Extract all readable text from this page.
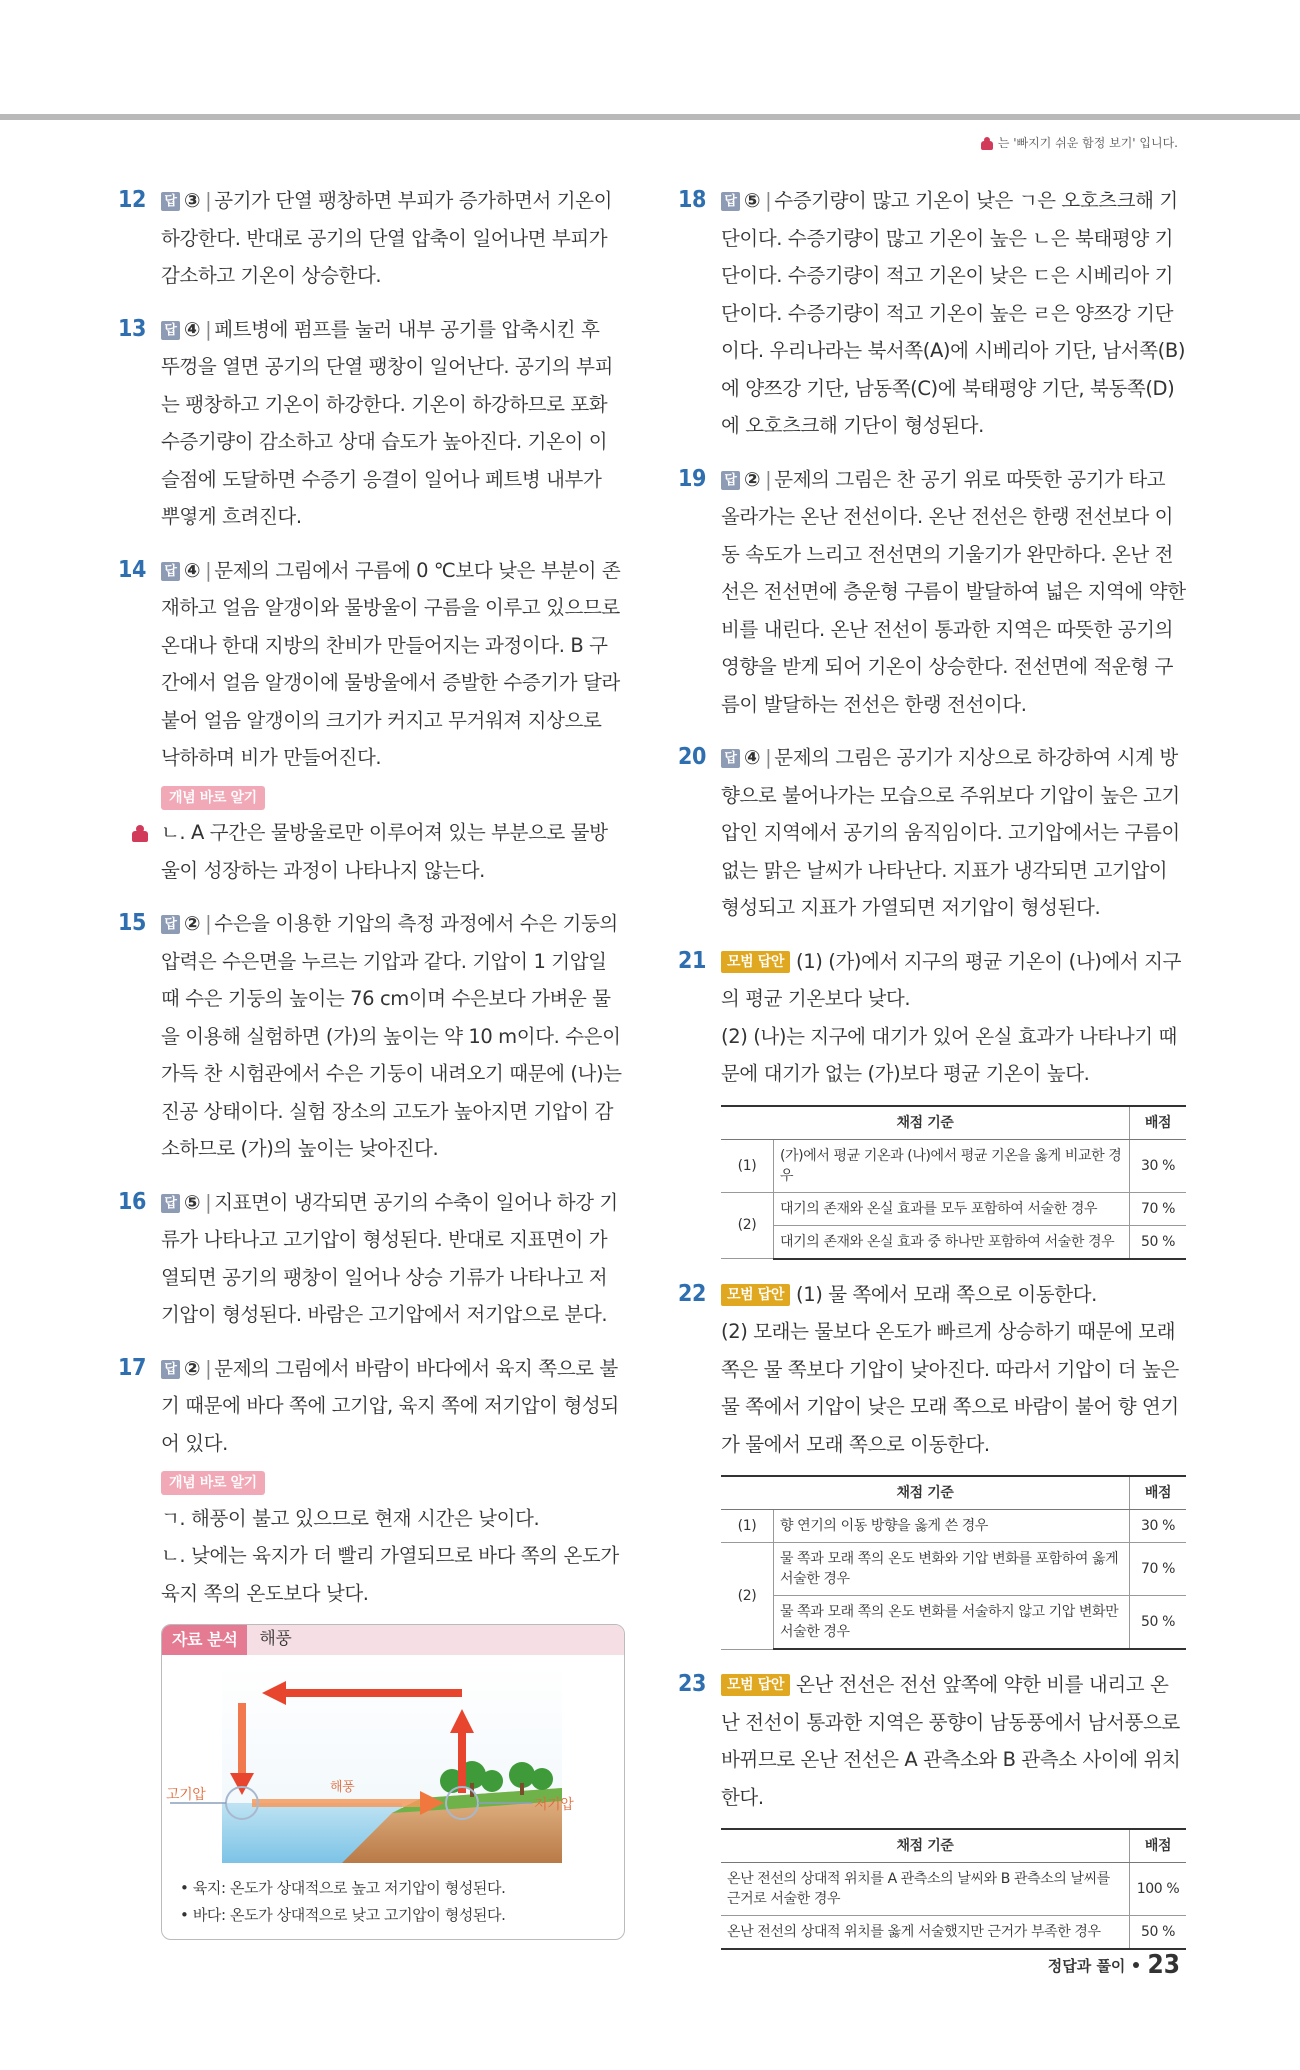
는 '빠지기 쉬운 함정 보기' 입니다.
12 답 ③ | 공기가 단열 팽창하면 부피가 증가하면서 기온이 하강한다. 반대로 공기의 단열 압축이 일어나면 부피가 감소하고 기온이 상승한다.
13 답 ④ | 페트병에 펌프를 눌러 내부 공기를 압축시킨 후 뚜껑을 열면 공기의 단열 팽창이 일어난다. 공기의 부피는 팽창하고 기온이 하강한다. 기온이 하강하므로 포화 수증기량이 감소하고 상대 습도가 높아진다. 기온이 이슬점에 도달하면 수증기 응결이 일어나 페트병 내부가 뿌옇게 흐려진다.
14 답 ④ | 문제의 그림에서 구름에 0 ℃보다 낮은 부분이 존재하고 얼음 알갱이와 물방울이 구름을 이루고 있으므로 온대나 한대 지방의 찬비가 만들어지는 과정이다. B 구간에서 얼음 알갱이에 물방울에서 증발한 수증기가 달라붙어 얼음 알갱이의 크기가 커지고 무거워져 지상으로 낙하하며 비가 만들어진다.
개념 바로 알기
ㄴ. A 구간은 물방울로만 이루어져 있는 부분으로 물방울이 성장하는 과정이 나타나지 않는다.
15 답 ② | 수은을 이용한 기압의 측정 과정에서 수은 기둥의 압력은 수은면을 누르는 기압과 같다. 기압이 1 기압일 때 수은 기둥의 높이는 76 cm이며 수은보다 가벼운 물을 이용해 실험하면 (가)의 높이는 약 10 m이다. 수은이 가득 찬 시험관에서 수은 기둥이 내려오기 때문에 (나)는 진공 상태이다. 실험 장소의 고도가 높아지면 기압이 감소하므로 (가)의 높이는 낮아진다.
16 답 ⑤ | 지표면이 냉각되면 공기의 수축이 일어나 하강 기류가 나타나고 고기압이 형성된다. 반대로 지표면이 가열되면 공기의 팽창이 일어나 상승 기류가 나타나고 저기압이 형성된다. 바람은 고기압에서 저기압으로 분다.
17 답 ② | 문제의 그림에서 바람이 바다에서 육지 쪽으로 불기 때문에 바다 쪽에 고기압, 육지 쪽에 저기압이 형성되어 있다.
개념 바로 알기
ㄱ. 해풍이 불고 있으므로 현재 시간은 낮이다.
ㄴ. 낮에는 육지가 더 빨리 가열되므로 바다 쪽의 온도가 육지 쪽의 온도보다 낮다.
자료 분석	해풍
고기압
저기압
해풍
• 육지: 온도가 상대적으로 높고 저기압이 형성된다.
• 바다: 온도가 상대적으로 낮고 고기압이 형성된다.
18 답 ⑤ | 수증기량이 많고 기온이 낮은 ㄱ은 오호츠크해 기단이다. 수증기량이 많고 기온이 높은 ㄴ은 북태평양 기단이다. 수증기량이 적고 기온이 낮은 ㄷ은 시베리아 기단이다. 수증기량이 적고 기온이 높은 ㄹ은 양쯔강 기단이다. 우리나라는 북서쪽(A)에 시베리아 기단, 남서쪽(B)에 양쯔강 기단, 남동쪽(C)에 북태평양 기단, 북동쪽(D)에 오호츠크해 기단이 형성된다.
19 답 ② | 문제의 그림은 찬 공기 위로 따뜻한 공기가 타고 올라가는 온난 전선이다. 온난 전선은 한랭 전선보다 이동 속도가 느리고 전선면의 기울기가 완만하다. 온난 전선은 전선면에 층운형 구름이 발달하여 넓은 지역에 약한 비를 내린다. 온난 전선이 통과한 지역은 따뜻한 공기의 영향을 받게 되어 기온이 상승한다. 전선면에 적운형 구름이 발달하는 전선은 한랭 전선이다.
20 답 ④ | 문제의 그림은 공기가 지상으로 하강하여 시계 방향으로 불어나가는 모습으로 주위보다 기압이 높은 고기압인 지역에서 공기의 움직임이다. 고기압에서는 구름이 없는 맑은 날씨가 나타난다. 지표가 냉각되면 고기압이 형성되고 지표가 가열되면 저기압이 형성된다.
21 모범 답안 (1) (가)에서 지구의 평균 기온이 (나)에서 지구의 평균 기온보다 낮다.
(2) (나)는 지구에 대기가 있어 온실 효과가 나타나기 때문에 대기가 없는 (가)보다 평균 기온이 높다.
채점 기준		배점
(1)	(가)에서 평균 기온과 (나)에서 평균 기온을 옳게 비교한 경우	30 %
(2)	대기의 존재와 온실 효과를 모두 포함하여 서술한 경우	70 %
	대기의 존재와 온실 효과 중 하나만 포함하여 서술한 경우	50 %
22 모범 답안 (1) 물 쪽에서 모래 쪽으로 이동한다.
(2) 모래는 물보다 온도가 빠르게 상승하기 때문에 모래 쪽은 물 쪽보다 기압이 낮아진다. 따라서 기압이 더 높은 물 쪽에서 기압이 낮은 모래 쪽으로 바람이 불어 향 연기가 물에서 모래 쪽으로 이동한다.
채점 기준		배점
(1)	향 연기의 이동 방향을 옳게 쓴 경우	30 %
(2)	물 쪽과 모래 쪽의 온도 변화와 기압 변화를 포함하여 옳게 서술한 경우	70 %
	물 쪽과 모래 쪽의 온도 변화를 서술하지 않고 기압 변화만 서술한 경우	50 %
23 모범 답안 온난 전선은 전선 앞쪽에 약한 비를 내리고 온난 전선이 통과한 지역은 풍향이 남동풍에서 남서풍으로 바뀌므로 온난 전선은 A 관측소와 B 관측소 사이에 위치한다.
채점 기준	배점
온난 전선의 상대적 위치를 A 관측소의 날씨와 B 관측소의 날씨를 근거로 서술한 경우	100 %
온난 전선의 상대적 위치를 옳게 서술했지만 근거가 부족한 경우	50 %
정답과 풀이 23
